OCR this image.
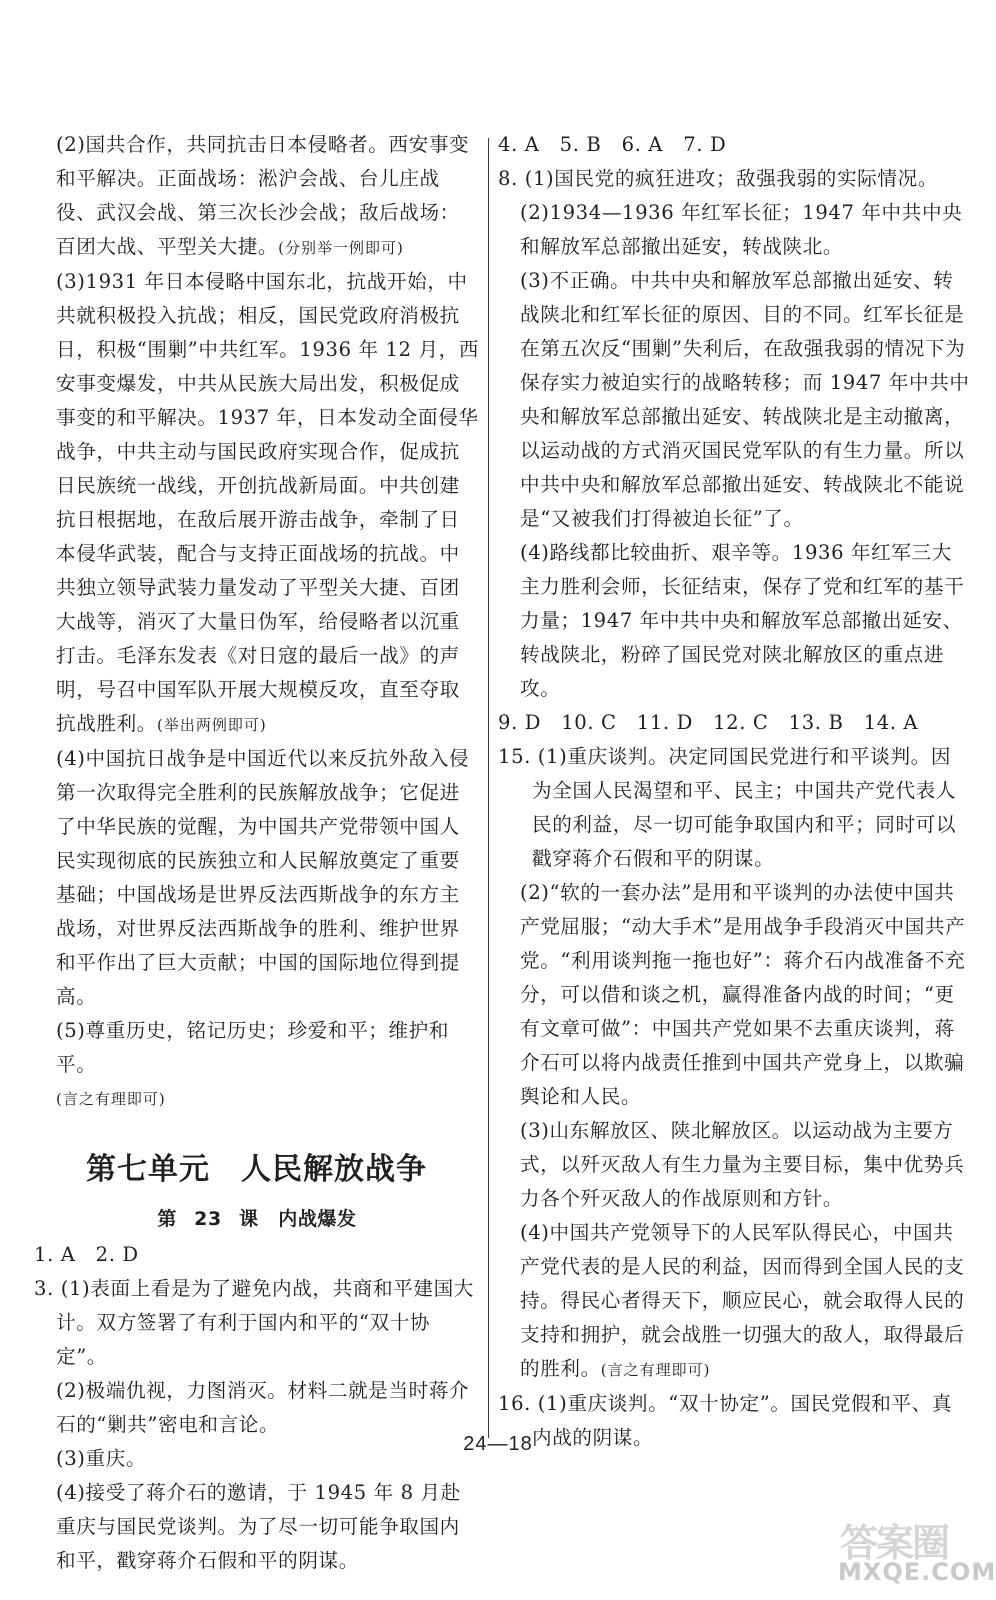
(2)国共合作，共同抗击日本侵略者。西安事变和平解决。正面战场：淞沪会战、台儿庄战役、武汉会战、第三次长沙会战；敌后战场：百团大战、平型关大捷。(分别举一例即可)

(3)1931 年日本侵略中国东北，抗战开始，中共就积极投入抗战；相反，国民党政府消极抗日，积极“围剿”中共红军。1936 年 12 月，西安事变爆发，中共从民族大局出发，积极促成事变的和平解决。1937 年，日本发动全面侵华战争，中共主动与国民政府实现合作，促成抗日民族统一战线，开创抗战新局面。中共创建抗日根据地，在敌后展开游击战争，牵制了日本侵华武装，配合与支持正面战场的抗战。中共独立领导武装力量发动了平型关大捷、百团大战等，消灭了大量日伪军，给侵略者以沉重打击。毛泽东发表《对日寇的最后一战》的声明，号召中国军队开展大规模反攻，直至夺取抗战胜利。(举出两例即可)

(4)中国抗日战争是中国近代以来反抗外敌入侵第一次取得完全胜利的民族解放战争；它促进了中华民族的觉醒，为中国共产党带领中国人民实现彻底的民族独立和人民解放奠定了重要基础；中国战场是世界反法西斯战争的东方主战场，对世界反法西斯战争的胜利、维护世界和平作出了巨大贡献；中国的国际地位得到提高。

(5)尊重历史，铭记历史；珍爱和平；维护和平。

(言之有理即可)

第七单元　人民解放战争
第 23 课　内战爆发

1. A　2. D

3. (1)表面上看是为了避免内战，共商和平建国大计。双方签署了有利于国内和平的“双十协定”。

(2)极端仇视，力图消灭。材料二就是当时蒋介石的“剿共”密电和言论。

(3)重庆。

(4)接受了蒋介石的邀请，于 1945 年 8 月赴重庆与国民党谈判。为了尽一切可能争取国内和平，戳穿蒋介石假和平的阴谋。

4. A　5. B　6. A　7. D

8. (1)国民党的疯狂进攻；敌强我弱的实际情况。

(2)1934—1936 年红军长征；1947 年中共中央和解放军总部撤出延安，转战陕北。

(3)不正确。中共中央和解放军总部撤出延安、转战陕北和红军长征的原因、目的不同。红军长征是在第五次反“围剿”失利后，在敌强我弱的情况下为保存实力被迫实行的战略转移；而 1947 年中共中央和解放军总部撤出延安、转战陕北是主动撤离，以运动战的方式消灭国民党军队的有生力量。所以中共中央和解放军总部撤出延安、转战陕北不能说是“又被我们打得被迫长征”了。

(4)路线都比较曲折、艰辛等。1936 年红军三大主力胜利会师，长征结束，保存了党和红军的基干力量；1947 年中共中央和解放军总部撤出延安、转战陕北，粉碎了国民党对陕北解放区的重点进攻。

9. D　10. C　11. D　12. C　13. B　14. A

15. (1)重庆谈判。决定同国民党进行和平谈判。因为全国人民渴望和平、民主；中国共产党代表人民的利益，尽一切可能争取国内和平；同时可以戳穿蒋介石假和平的阴谋。

(2)“软的一套办法”是用和平谈判的办法使中国共产党屈服；“动大手术”是用战争手段消灭中国共产党。“利用谈判拖一拖也好”：蒋介石内战准备不充分，可以借和谈之机，赢得准备内战的时间；“更有文章可做”：中国共产党如果不去重庆谈判，蒋介石可以将内战责任推到中国共产党身上，以欺骗舆论和人民。

(3)山东解放区、陕北解放区。以运动战为主要方式，以歼灭敌人有生力量为主要目标，集中优势兵力各个歼灭敌人的作战原则和方针。

(4)中国共产党领导下的人民军队得民心，中国共产党代表的是人民的利益，因而得到全国人民的支持。得民心者得天下，顺应民心，就会取得人民的支持和拥护，就会战胜一切强大的敌人，取得最后的胜利。(言之有理即可)

16. (1)重庆谈判。“双十协定”。国民党假和平、真内战的阴谋。

24—18
答案圈
MXQE.COM
